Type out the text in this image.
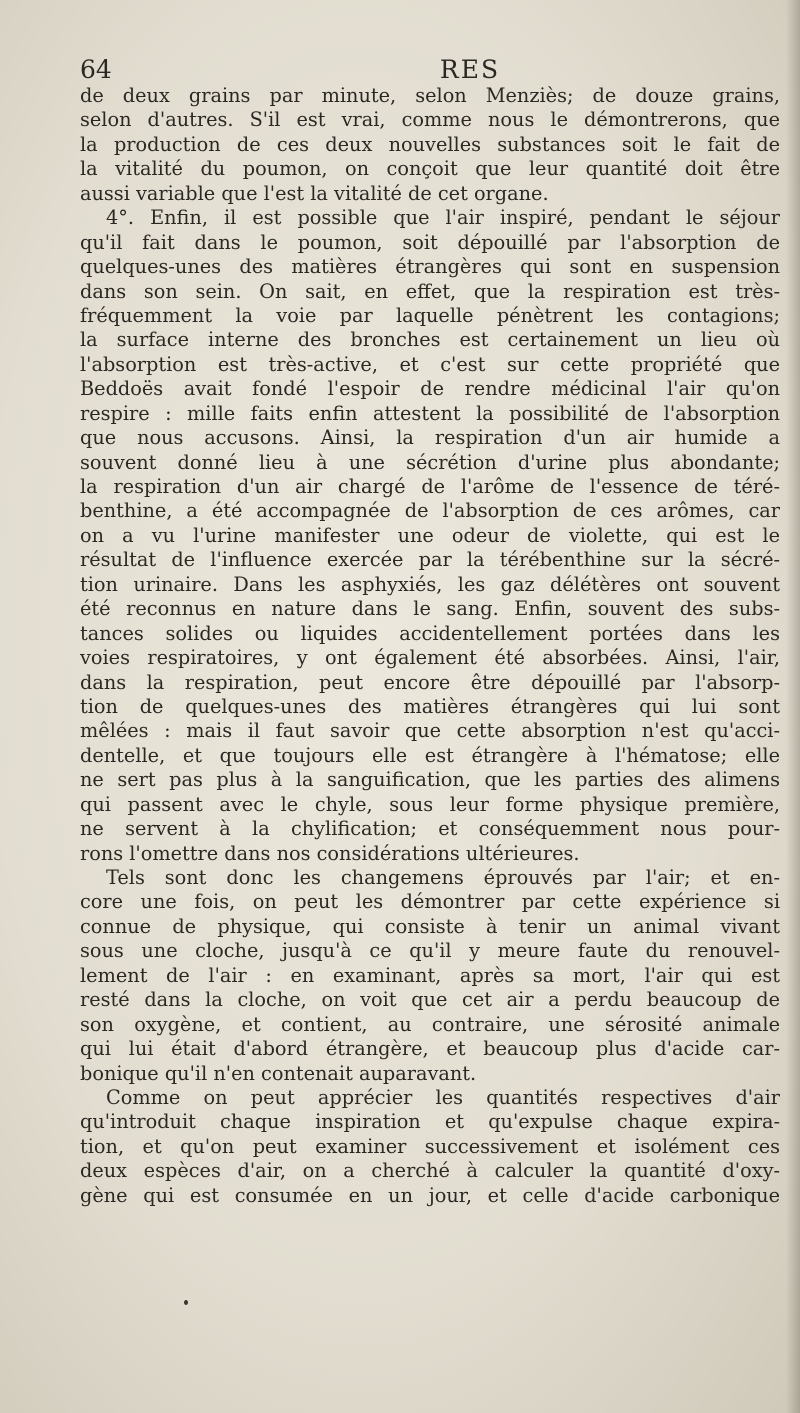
64	RES
de deux grains par minute, selon Menziès; de douze grains,
selon d'autres. S'il est vrai, comme nous le démontrerons, que
la production de ces deux nouvelles substances soit le fait de
la vitalité du poumon, on conçoit que leur quantité doit être
aussi variable que l'est la vitalité de cet organe.
4°. Enfin, il est possible que l'air inspiré, pendant le séjour
qu'il fait dans le poumon, soit dépouillé par l'absorption de
quelques-unes des matières étrangères qui sont en suspension
dans son sein. On sait, en effet, que la respiration est très-
fréquemment la voie par laquelle pénètrent les contagions;
la surface interne des bronches est certainement un lieu où
l'absorption est très-active, et c'est sur cette propriété que
Beddoës avait fondé l'espoir de rendre médicinal l'air qu'on
respire : mille faits enfin attestent la possibilité de l'absorption
que nous accusons. Ainsi, la respiration d'un air humide a
souvent donné lieu à une sécrétion d'urine plus abondante;
la respiration d'un air chargé de l'arôme de l'essence de téré-
benthine, a été accompagnée de l'absorption de ces arômes, car
on a vu l'urine manifester une odeur de violette, qui est le
résultat de l'influence exercée par la térébenthine sur la sécré-
tion urinaire. Dans les asphyxiés, les gaz délétères ont souvent
été reconnus en nature dans le sang. Enfin, souvent des subs-
tances solides ou liquides accidentellement portées dans les
voies respiratoires, y ont également été absorbées. Ainsi, l'air,
dans la respiration, peut encore être dépouillé par l'absorp-
tion de quelques-unes des matières étrangères qui lui sont
mêlées : mais il faut savoir que cette absorption n'est qu'acci-
dentelle, et que toujours elle est étrangère à l'hématose; elle
ne sert pas plus à la sanguification, que les parties des alimens
qui passent avec le chyle, sous leur forme physique première,
ne servent à la chylification; et conséquemment nous pour-
rons l'omettre dans nos considérations ultérieures.
Tels sont donc les changemens éprouvés par l'air; et en-
core une fois, on peut les démontrer par cette expérience si
connue de physique, qui consiste à tenir un animal vivant
sous une cloche, jusqu'à ce qu'il y meure faute du renouvel-
lement de l'air : en examinant, après sa mort, l'air qui est
resté dans la cloche, on voit que cet air a perdu beaucoup de
son oxygène, et contient, au contraire, une sérosité animale
qui lui était d'abord étrangère, et beaucoup plus d'acide car-
bonique qu'il n'en contenait auparavant.
Comme on peut apprécier les quantités respectives d'air
qu'introduit chaque inspiration et qu'expulse chaque expira-
tion, et qu'on peut examiner successivement et isolément ces
deux espèces d'air, on a cherché à calculer la quantité d'oxy-
gène qui est consumée en un jour, et celle d'acide carbonique
